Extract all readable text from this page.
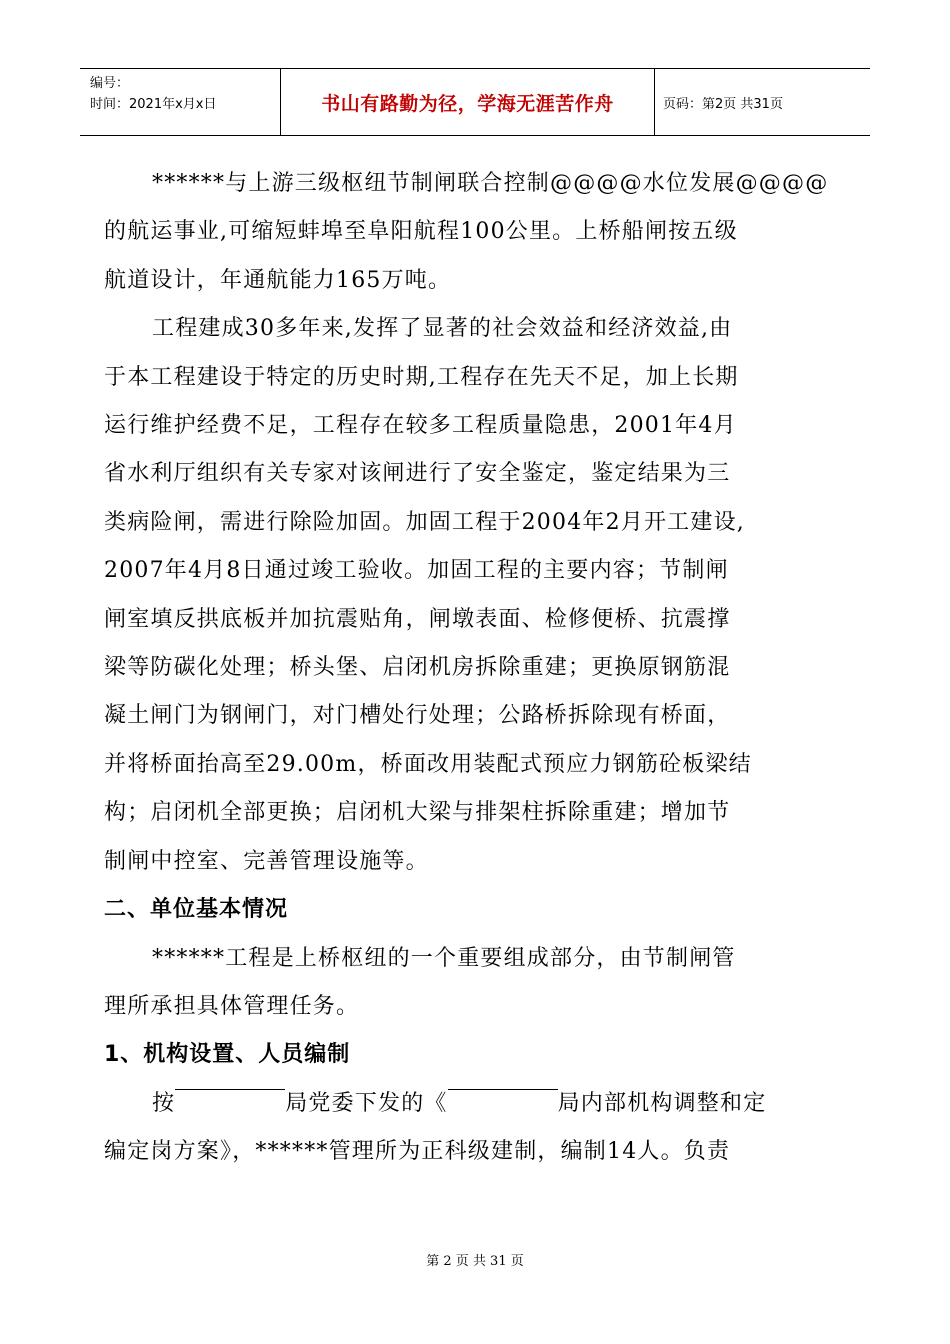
编号：
时间：2021年x月x日	书山有路勤为径，学海无涯苦作舟	页码：第2页 共31页
******与上游三级枢纽节制闸联合控制@@@@水位发展@@@@
的航运事业,可缩短蚌埠至阜阳航程100公里。上桥船闸按五级
航道设计，年通航能力165万吨。
工程建成30多年来,发挥了显著的社会效益和经济效益,由
于本工程建设于特定的历史时期,工程存在先天不足，加上长期
运行维护经费不足，工程存在较多工程质量隐患，2001年4月
省水利厅组织有关专家对该闸进行了安全鉴定，鉴定结果为三
类病险闸，需进行除险加固。加固工程于2004年2月开工建设,
2007年4月8日通过竣工验收。加固工程的主要内容；节制闸
闸室填反拱底板并加抗震贴角，闸墩表面、检修便桥、抗震撑
梁等防碳化处理；桥头堡、启闭机房拆除重建；更换原钢筋混
凝土闸门为钢闸门，对门槽处行处理；公路桥拆除现有桥面，
并将桥面抬高至29.00m，桥面改用装配式预应力钢筋砼板梁结
构；启闭机全部更换；启闭机大梁与排架柱拆除重建；增加节
制闸中控室、完善管理设施等。
二、单位基本情况
******工程是上桥枢纽的一个重要组成部分，由节制闸管
理所承担具体管理任务。
1、机构设置、人员编制
按	局党委下发的《	局内部机构调整和定
编定岗方案》，******管理所为正科级建制，编制14人。负责
第 2 页 共 31 页
